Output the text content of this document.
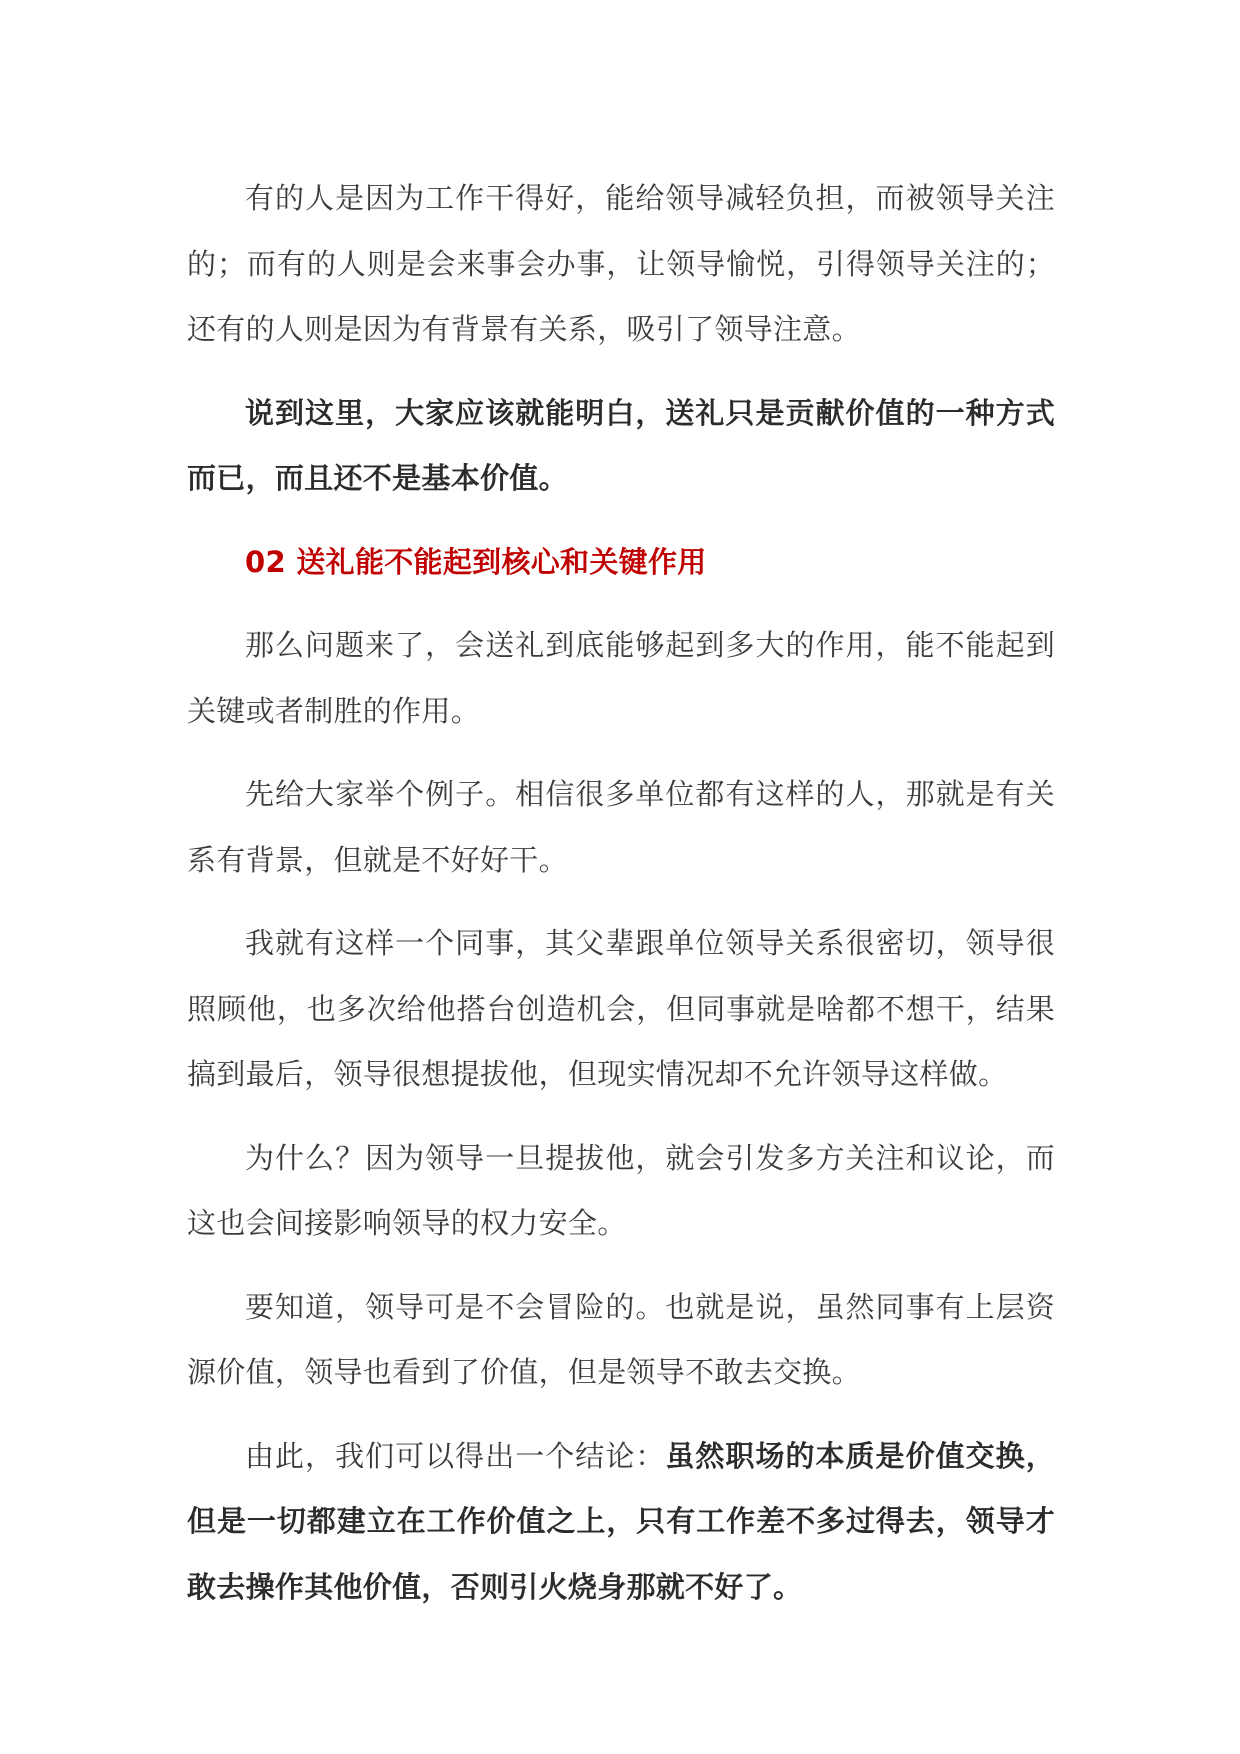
有的人是因为工作干得好，能给领导减轻负担，而被领导关注的；而有的人则是会来事会办事，让领导愉悦，引得领导关注的；还有的人则是因为有背景有关系，吸引了领导注意。

说到这里，大家应该就能明白，送礼只是贡献价值的一种方式而已，而且还不是基本价值。

02 送礼能不能起到核心和关键作用

那么问题来了，会送礼到底能够起到多大的作用，能不能起到关键或者制胜的作用。

先给大家举个例子。相信很多单位都有这样的人，那就是有关系有背景，但就是不好好干。

我就有这样一个同事，其父辈跟单位领导关系很密切，领导很照顾他，也多次给他搭台创造机会，但同事就是啥都不想干，结果搞到最后，领导很想提拔他，但现实情况却不允许领导这样做。

为什么？因为领导一旦提拔他，就会引发多方关注和议论，而这也会间接影响领导的权力安全。

要知道，领导可是不会冒险的。也就是说，虽然同事有上层资源价值，领导也看到了价值，但是领导不敢去交换。

由此，我们可以得出一个结论：虽然职场的本质是价值交换，但是一切都建立在工作价值之上，只有工作差不多过得去，领导才敢去操作其他价值，否则引火烧身那就不好了。
